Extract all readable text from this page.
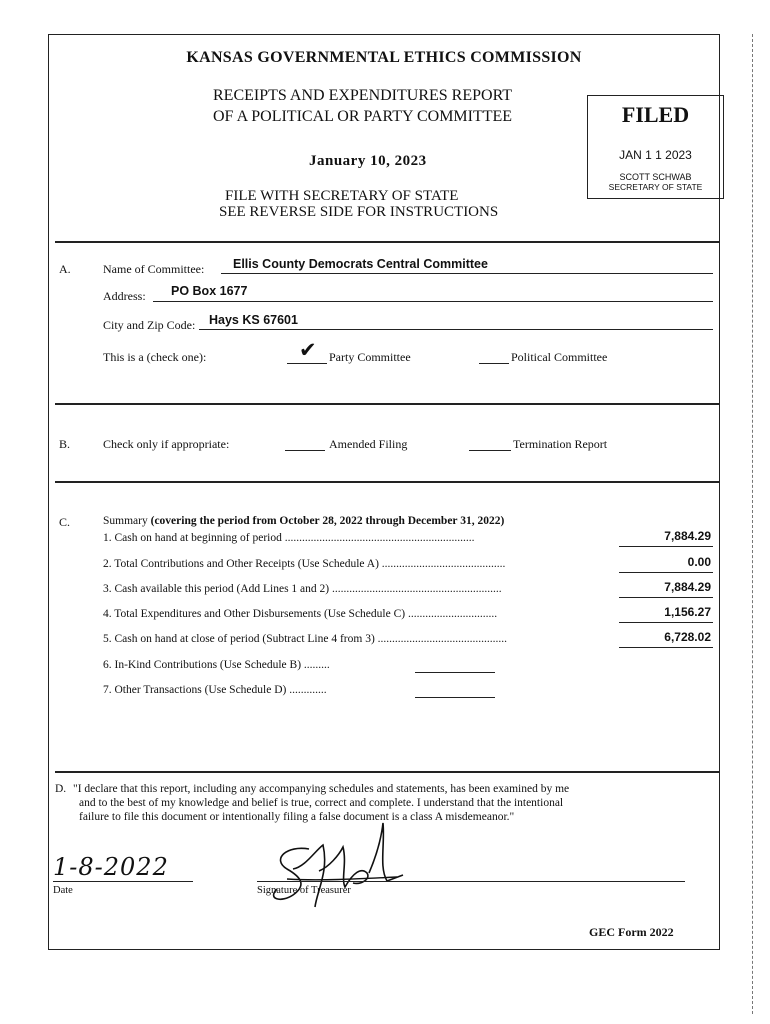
KANSAS GOVERNMENTAL ETHICS COMMISSION
RECEIPTS AND EXPENDITURES REPORT
OF A POLITICAL OR PARTY COMMITTEE
January 10, 2023
FILE WITH SECRETARY OF STATE
SEE REVERSE SIDE FOR INSTRUCTIONS
A.	Name of Committee: Ellis County Democrats Central Committee
Address: PO Box 1677
City and Zip Code: Hays KS 67601
This is a (check one):	✔ Party Committee	Political Committee
B.	Check only if appropriate:	Amended Filing	Termination Report
C.	Summary (covering the period from October 28, 2022 through December 31, 2022)
1. Cash on hand at beginning of period ..................................................................	7,884.29
2. Total Contributions and Other Receipts (Use Schedule A) ...........................................	0.00
3. Cash available this period (Add Lines 1 and 2) ...........................................................	7,884.29
4. Total Expenditures and Other Disbursements (Use Schedule C) ...............................	1,156.27
5. Cash on hand at close of period (Subtract Line 4 from 3) .............................................	6,728.02
6. In-Kind Contributions (Use Schedule B) .........
7. Other Transactions (Use Schedule D) .............
D. "I declare that this report, including any accompanying schedules and statements, has been examined by me
and to the best of my knowledge and belief is true, correct and complete. I understand that the intentional
failure to file this document or intentionally filing a false document is a class A misdemeanor."
1-8-2022
Date	Signature of Treasurer
GEC Form 2022
FILED
JAN 1 1 2023
SCOTT SCHWAB
SECRETARY OF STATE
